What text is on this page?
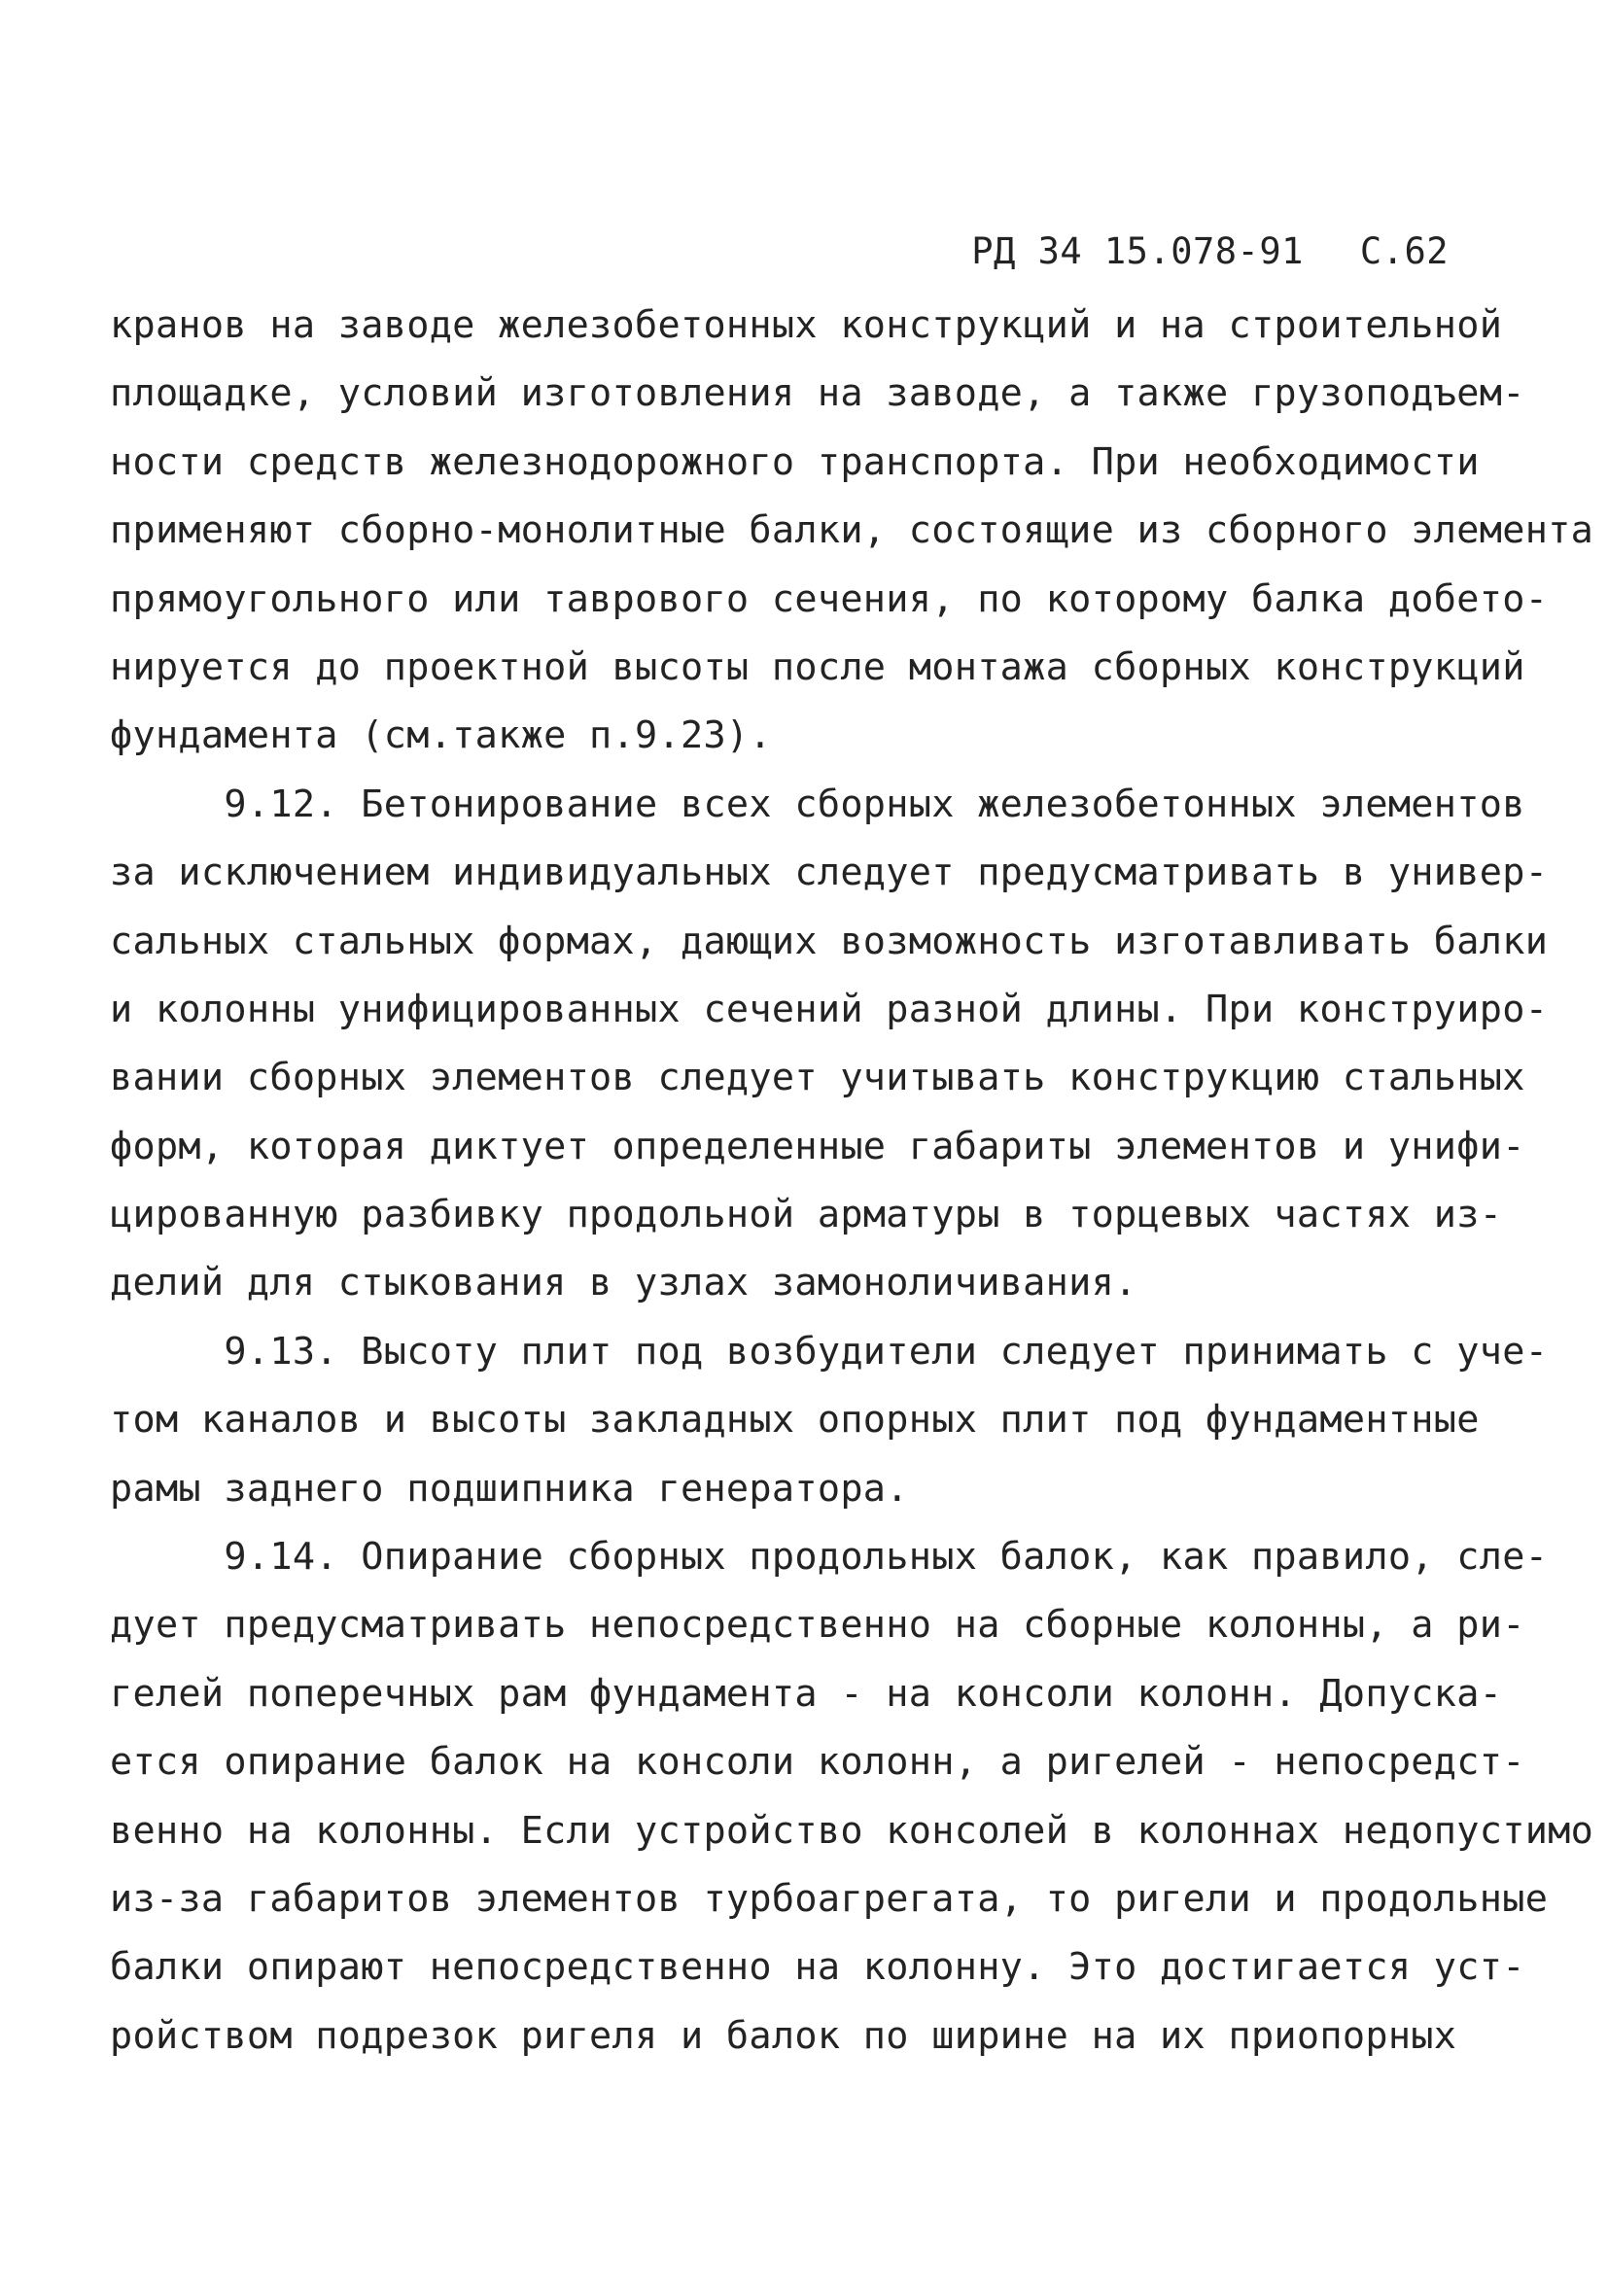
РД 34 15.078-91 С.62

кранов на заводе железобетонных конструкций и на строительной
площадке, условий изготовления на заводе, а также грузоподъем-
ности средств железнодорожного транспорта. При необходимости
применяют сборно-монолитные балки, состоящие из сборного элемента
прямоугольного или таврового сечения, по которому балка добето-
нируется до проектной высоты после монтажа сборных конструкций
фундамента (см.также п.9.23).
9.12. Бетонирование всех сборных железобетонных элементов
за исключением индивидуальных следует предусматривать в универ-
сальных стальных формах, дающих возможность изготавливать балки
и колонны унифицированных сечений разной длины. При конструиро-
вании сборных элементов следует учитывать конструкцию стальных
форм, которая диктует определенные габариты элементов и унифи-
цированную разбивку продольной арматуры в торцевых частях из-
делий для стыкования в узлах замоноличивания.
9.13. Высоту плит под возбудители следует принимать с уче-
том каналов и высоты закладных опорных плит под фундаментные
рамы заднего подшипника генератора.
9.14. Опирание сборных продольных балок, как правило, сле-
дует предусматривать непосредственно на сборные колонны, а ри-
гелей поперечных рам фундамента - на консоли колонн. Допуска-
ется опирание балок на консоли колонн, а ригелей - непосредст-
венно на колонны. Если устройство консолей в колоннах недопустимо
из-за габаритов элементов турбоагрегата, то ригели и продольные
балки опирают непосредственно на колонну. Это достигается уст-
ройством подрезок ригеля и балок по ширине на их приопорных
